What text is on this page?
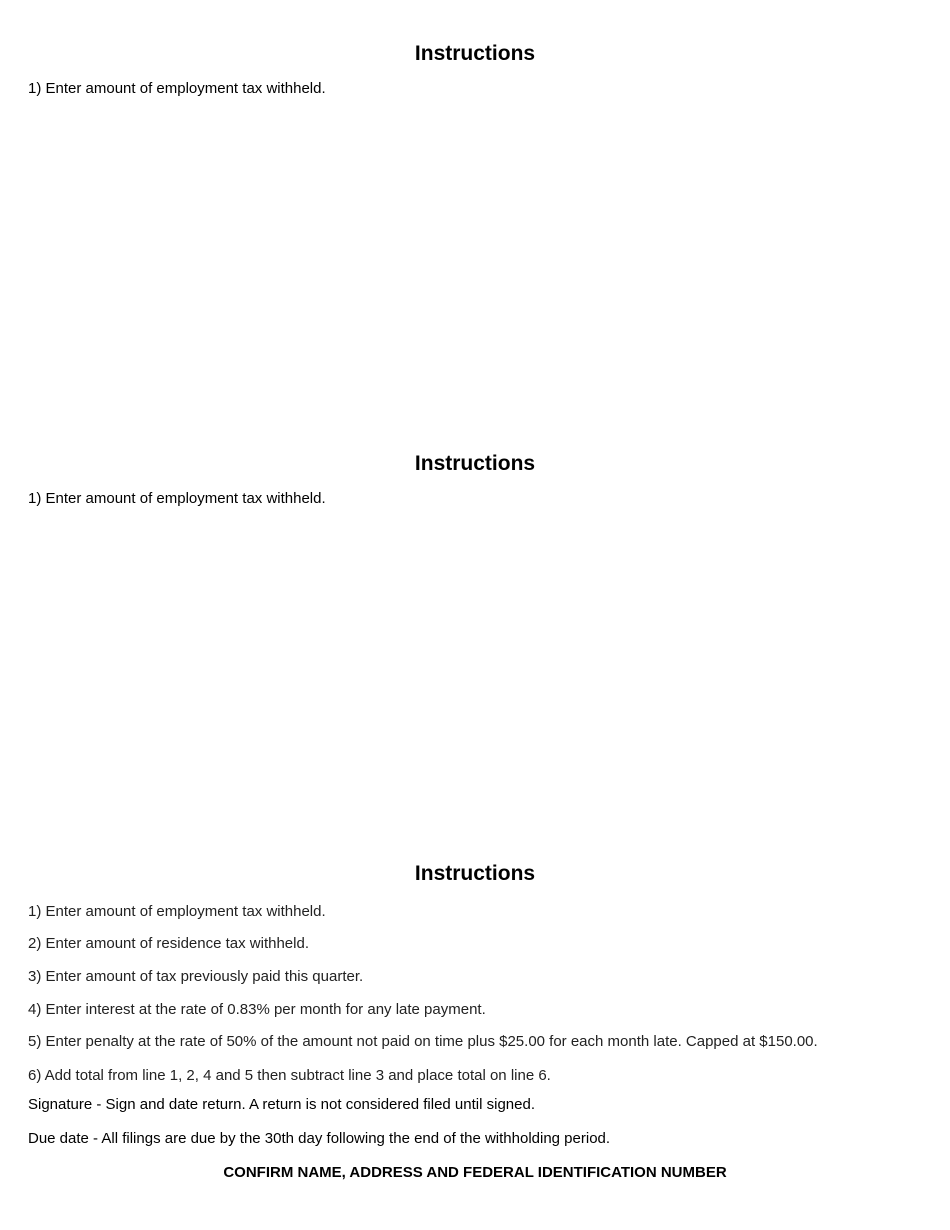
Instructions

1) Enter amount of employment tax withheld.

Instructions

1) Enter amount of employment tax withheld.

Instructions

1) Enter amount of employment tax withheld.

2) Enter amount of residence tax withheld.

3) Enter amount of tax previously paid this quarter.

4) Enter interest at the rate of 0.83% per month for any late payment.

5) Enter penalty at the rate of 50% of the amount not paid on time plus $25.00 for each month late. Capped at $150.00.

6) Add total from line 1, 2, 4 and 5 then subtract line 3 and place total on line 6.

Signature - Sign and date return. A return is not considered filed until signed.

Due date - All filings are due by the 30th day following the end of the withholding period.

CONFIRM NAME, ADDRESS AND FEDERAL IDENTIFICATION NUMBER
